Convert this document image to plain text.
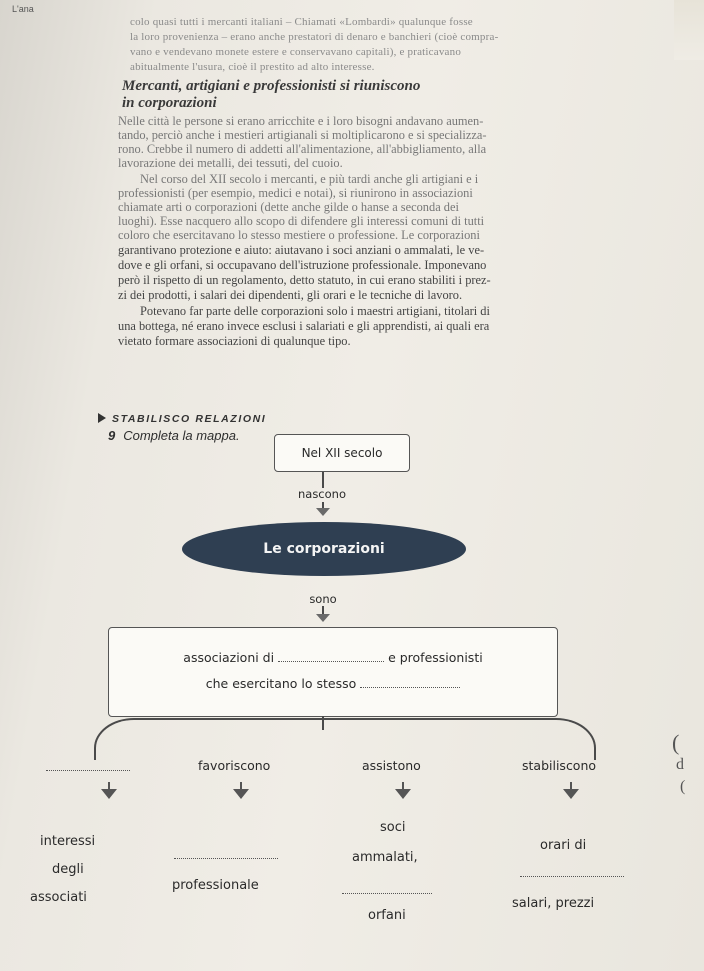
L'ana
colo quasi tutti i mercanti italiani – Chiamati «Lombardi» qualunque fosse
la loro provenienza – erano anche prestatori di denaro e banchieri (cioè compra-
vano e vendevano monete estere e conservavano capitali), e praticavano
abitualmente l'usura, cioè il prestito ad alto interesse.
Mercanti, artigiani e professionisti si riuniscono
in corporazioni
Nelle città le persone si erano arricchite e i loro bisogni andavano aumen-
tando, perciò anche i mestieri artigianali si moltiplicarono e si specializza-
rono. Crebbe il numero di addetti all'alimentazione, all'abbigliamento, alla
lavorazione dei metalli, dei tessuti, del cuoio.
Nel corso del XII secolo i mercanti, e più tardi anche gli artigiani e i
professionisti (per esempio, medici e notai), si riunirono in associazioni
chiamate arti o corporazioni (dette anche gilde o hanse a seconda dei
luoghi). Esse nacquero allo scopo di difendere gli interessi comuni di tutti
coloro che esercitavano lo stesso mestiere o professione. Le corporazioni
garantivano protezione e aiuto: aiutavano i soci anziani o ammalati, le ve-
dove e gli orfani, si occupavano dell'istruzione professionale. Imponevano
però il rispetto di un regolamento, detto statuto, in cui erano stabiliti i prez-
zi dei prodotti, i salari dei dipendenti, gli orari e le tecniche di lavoro.
Potevano far parte delle corporazioni solo i maestri artigiani, titolari di
una bottega, né erano invece esclusi i salariati e gli apprendisti, ai quali era
vietato formare associazioni di qualunque tipo.
STABILISCO RELAZIONI
9 Completa la mappa.
Nel XII secolo
nascono
Le corporazioni
sono
associazioni di	e professionisti
che esercitano lo stesso
favoriscono	assistono	stabiliscono
interessi
degli
associati
professionale
soci
ammalati,
orfani
orari di
salari, prezzi
(
d
(
